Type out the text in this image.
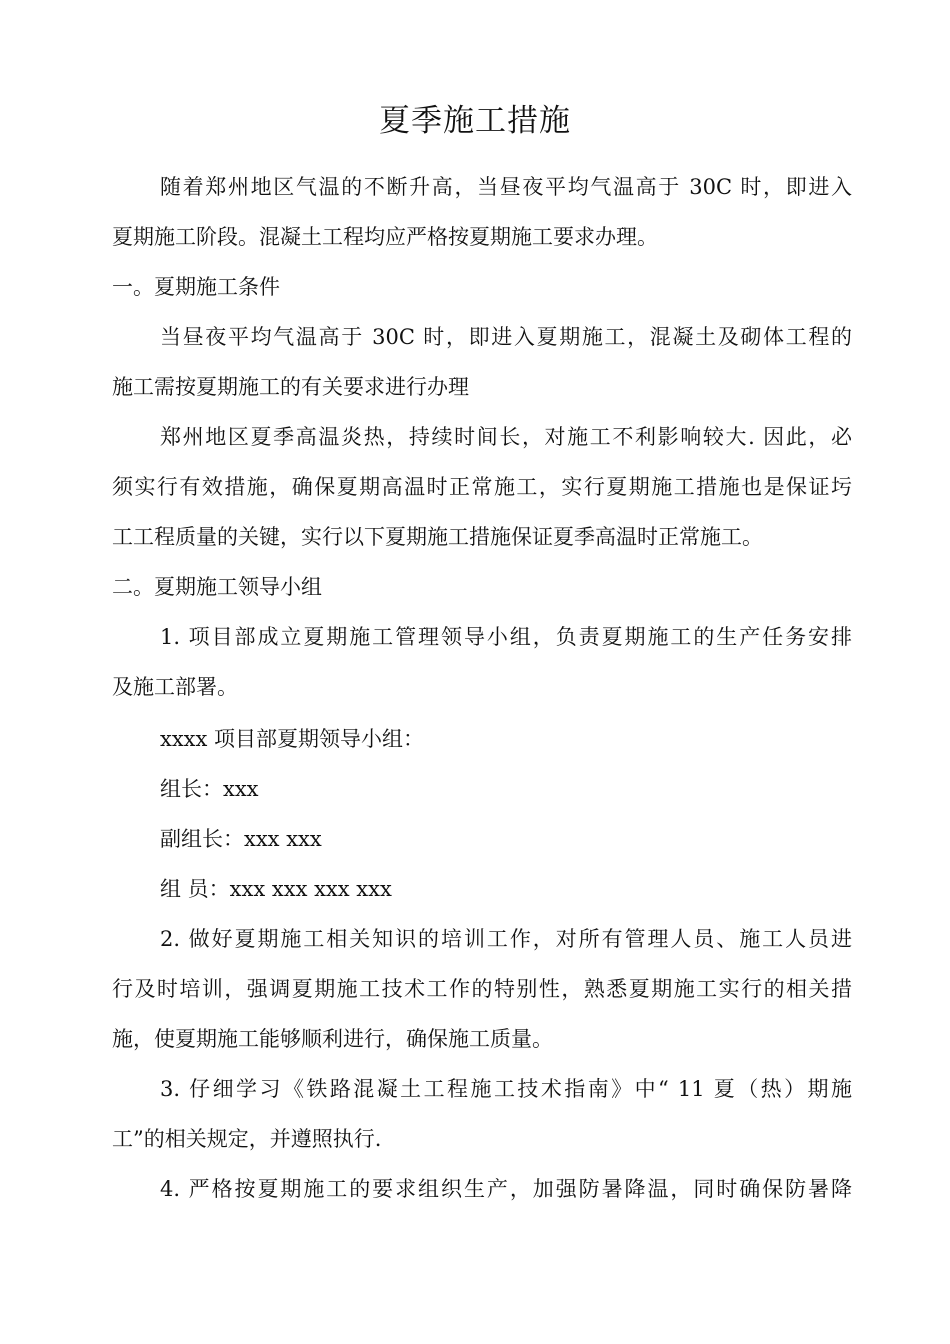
夏季施工措施
随着郑州地区气温的不断升高，当昼夜平均气温高于 30C 时，即进入
夏期施工阶段。混凝土工程均应严格按夏期施工要求办理。
一。夏期施工条件
当昼夜平均气温高于 30C 时，即进入夏期施工，混凝土及砌体工程的
施工需按夏期施工的有关要求进行办理
郑州地区夏季高温炎热，持续时间长，对施工不利影响较大. 因此，必
须实行有效措施，确保夏期高温时正常施工，实行夏期施工措施也是保证圬
工工程质量的关键，实行以下夏期施工措施保证夏季高温时正常施工。
二。夏期施工领导小组
1. 项目部成立夏期施工管理领导小组，负责夏期施工的生产任务安排
及施工部署。
xxxx 项目部夏期领导小组：
组长：xxx
副组长：xxx xxx
组 员：xxx xxx xxx xxx
2. 做好夏期施工相关知识的培训工作，对所有管理人员、施工人员进
行及时培训，强调夏期施工技术工作的特别性，熟悉夏期施工实行的相关措
施，使夏期施工能够顺利进行，确保施工质量。
3. 仔细学习《铁路混凝土工程施工技术指南》中“ 11 夏（热）期施
工”的相关规定，并遵照执行.
4. 严格按夏期施工的要求组织生产，加强防暑降温，同时确保防暑降
